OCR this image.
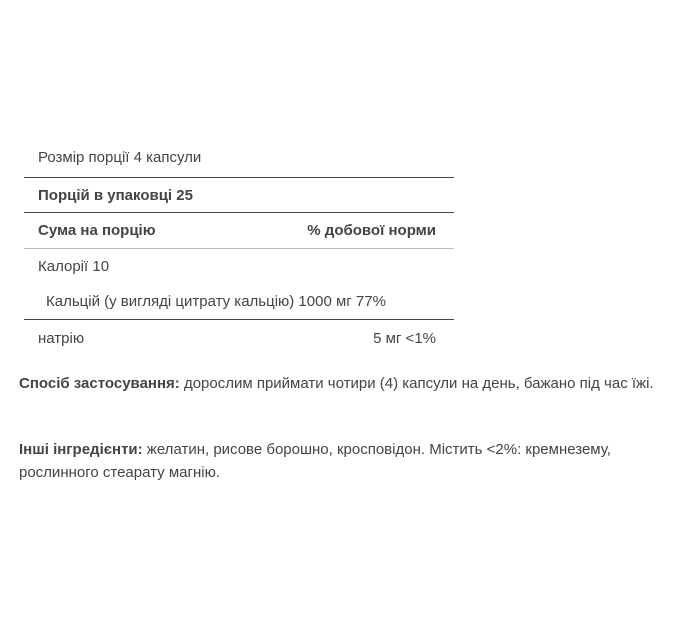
Розмір порції 4 капсули
Порцій в упаковці 25
Сума на порцію	% добової норми
Калорії 10
Кальцій (у вигляді цитрату кальцію) 1000 мг 77%
натрію	5 мг <1%
Спосіб застосування: дорослим приймати чотири (4) капсули на день, бажано під час їжі.
Інші інгредієнти: желатин, рисове борошно, кросповідон. Містить <2%: кремнезему, рослинного стеарату магнію.
